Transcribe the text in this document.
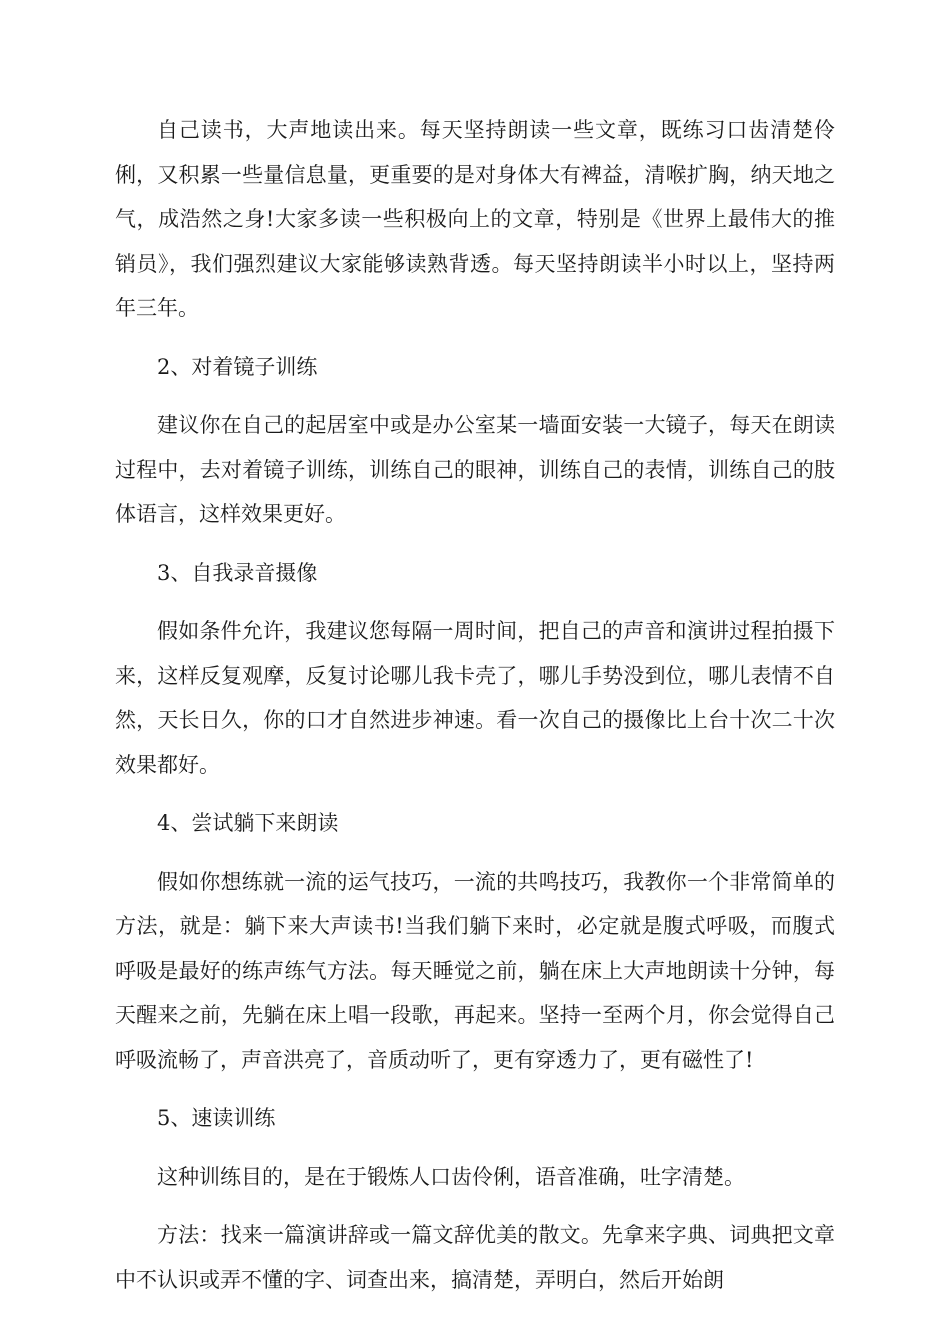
自己读书，大声地读出来。每天坚持朗读一些文章，既练习口齿清楚伶俐，又积累一些量信息量，更重要的是对身体大有裨益，清喉扩胸，纳天地之气，成浩然之身!大家多读一些积极向上的文章，特别是《世界上最伟大的推销员》，我们强烈建议大家能够读熟背透。每天坚持朗读半小时以上，坚持两年三年。

2、对着镜子训练

建议你在自己的起居室中或是办公室某一墙面安装一大镜子，每天在朗读过程中，去对着镜子训练，训练自己的眼神，训练自己的表情，训练自己的肢体语言，这样效果更好。

3、自我录音摄像

假如条件允许，我建议您每隔一周时间，把自己的声音和演讲过程拍摄下来，这样反复观摩，反复讨论哪儿我卡壳了，哪儿手势没到位，哪儿表情不自然，天长日久，你的口才自然进步神速。看一次自己的摄像比上台十次二十次效果都好。

4、尝试躺下来朗读

假如你想练就一流的运气技巧，一流的共鸣技巧，我教你一个非常简单的方法，就是：躺下来大声读书!当我们躺下来时，必定就是腹式呼吸，而腹式呼吸是最好的练声练气方法。每天睡觉之前，躺在床上大声地朗读十分钟，每天醒来之前，先躺在床上唱一段歌，再起来。坚持一至两个月，你会觉得自己呼吸流畅了，声音洪亮了，音质动听了，更有穿透力了，更有磁性了!

5、速读训练

这种训练目的，是在于锻炼人口齿伶俐，语音准确，吐字清楚。

方法：找来一篇演讲辞或一篇文辞优美的散文。先拿来字典、词典把文章中不认识或弄不懂的字、词查出来，搞清楚，弄明白，然后开始朗
